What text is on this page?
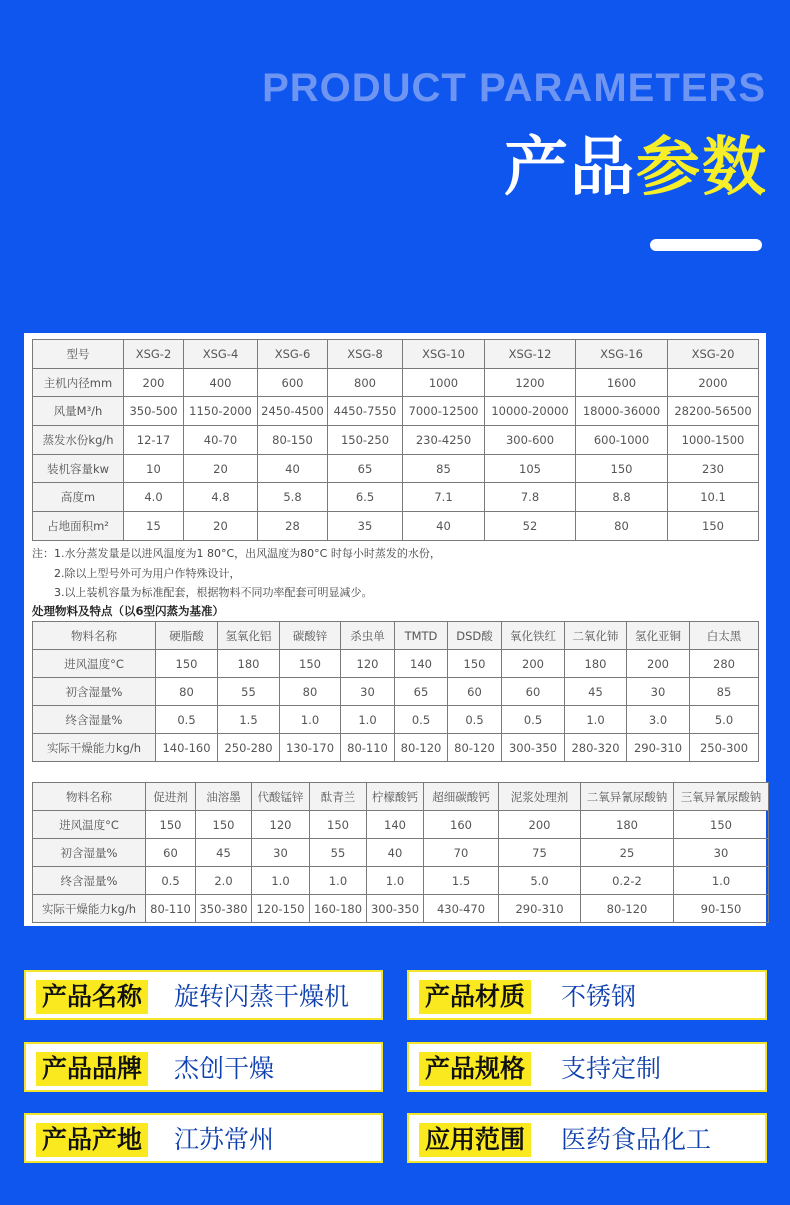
PRODUCT PARAMETERS
产品参数
型号	XSG-2	XSG-4	XSG-6	XSG-8	XSG-10	XSG-12	XSG-16	XSG-20
主机内径mm	200	400	600	800	1000	1200	1600	2000
风量M³/h	350-500	1150-2000	2450-4500	4450-7550	7000-12500	10000-20000	18000-36000	28200-56500
蒸发水份kg/h	12-17	40-70	80-150	150-250	230-4250	300-600	600-1000	1000-1500
装机容量kw	10	20	40	65	85	105	150	230
高度m	4.0	4.8	5.8	6.5	7.1	7.8	8.8	10.1
占地面积m²	15	20	28	35	40	52	80	150
注：1.水分蒸发量是以进风温度为1 80°C，出风温度为80°C 时每小时蒸发的水份，
2.除以上型号外可为用户作特殊设计，
3.以上装机容量为标准配套，根据物料不同功率配套可明显减少。
处理物料及特点（以6型闪蒸为基准）
物料名称	硬脂酸	氢氧化铝	碳酸锌	杀虫单	TMTD	DSD酸	氧化铁红	二氧化铈	氢化亚铜	白太黑
进风温度°C	150	180	150	120	140	150	200	180	200	280
初含湿量%	80	55	80	30	65	60	60	45	30	85
终含湿量%	0.5	1.5	1.0	1.0	0.5	0.5	0.5	1.0	3.0	5.0
实际干燥能力kg/h	140-160	250-280	130-170	80-110	80-120	80-120	300-350	280-320	290-310	250-300
物料名称	促进剂	油溶墨	代酸锰锌	酞青兰	柠檬酸钙	超细碳酸钙	泥浆处理剂	二氧异氰尿酸钠	三氧异氰尿酸钠
进风温度°C	150	150	120	150	140	160	200	180	150
初含湿量%	60	45	30	55	40	70	75	25	30
终含湿量%	0.5	2.0	1.0	1.0	1.0	1.5	5.0	0.2-2	1.0
实际干燥能力kg/h	80-110	350-380	120-150	160-180	300-350	430-470	290-310	80-120	90-150
产品名称 旋转闪蒸干燥机	产品材质 不锈钢
产品品牌 杰创干燥	产品规格 支持定制
产品产地 江苏常州	应用范围 医药食品化工
